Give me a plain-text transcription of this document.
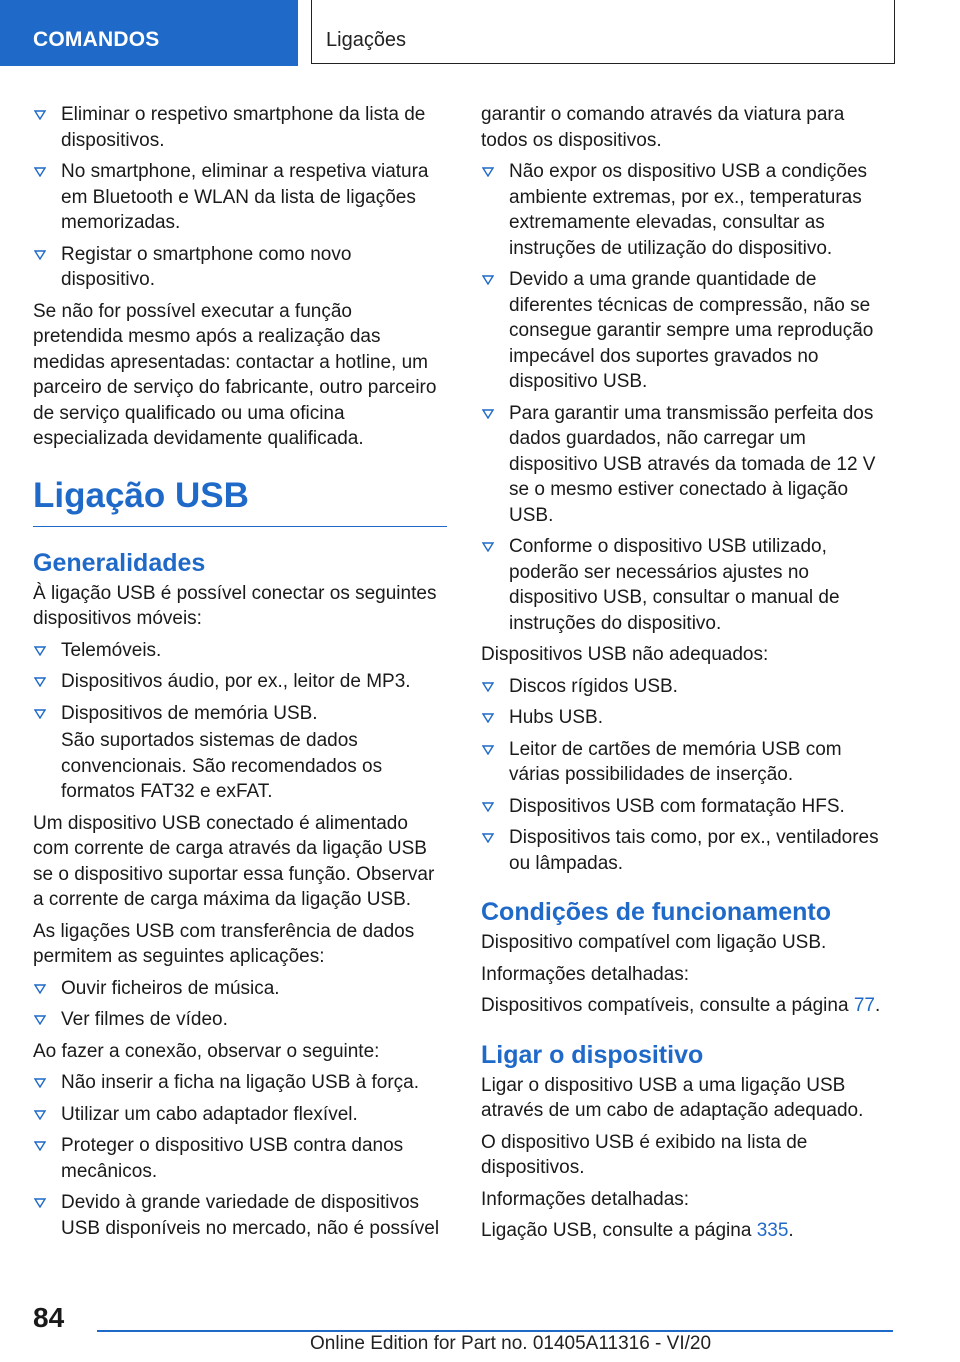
COMANDOS	Ligações
Eliminar o respetivo smartphone da lista de dispositivos.
No smartphone, eliminar a respetiva viatura em Bluetooth e WLAN da lista de ligações memorizadas.
Registar o smartphone como novo dispositivo.

Se não for possível executar a função pretendida mesmo após a realização das medidas apresentadas: contactar a hotline, um parceiro de serviço do fabricante, outro parceiro de serviço qualificado ou uma oficina especializada devidamente qualificada.

Ligação USB
Generalidades

À ligação USB é possível conectar os seguintes dispositivos móveis:

Telemóveis.
Dispositivos áudio, por ex., leitor de MP3.
Dispositivos de memória USB.
São suportados sistemas de dados convencionais. São recomendados os formatos FAT32 e exFAT.

Um dispositivo USB conectado é alimentado com corrente de carga através da ligação USB se o dispositivo suportar essa função. Observar a corrente de carga máxima da ligação USB.

As ligações USB com transferência de dados permitem as seguintes aplicações:

Ouvir ficheiros de música.
Ver filmes de vídeo.

Ao fazer a conexão, observar o seguinte:

Não inserir a ficha na ligação USB à força.
Utilizar um cabo adaptador flexível.
Proteger o dispositivo USB contra danos mecânicos.
Devido à grande variedade de dispositivos USB disponíveis no mercado, não é possível

garantir o comando através da viatura para todos os dispositivos.

Não expor os dispositivo USB a condições ambiente extremas, por ex., temperaturas extremamente elevadas, consultar as instruções de utilização do dispositivo.
Devido a uma grande quantidade de diferentes técnicas de compressão, não se consegue garantir sempre uma reprodução impecável dos suportes gravados no dispositivo USB.
Para garantir uma transmissão perfeita dos dados guardados, não carregar um dispositivo USB através da tomada de 12 V se o mesmo estiver conectado à ligação USB.
Conforme o dispositivo USB utilizado, poderão ser necessários ajustes no dispositivo USB, consultar o manual de instruções do dispositivo.

Dispositivos USB não adequados:

Discos rígidos USB.
Hubs USB.
Leitor de cartões de memória USB com várias possibilidades de inserção.
Dispositivos USB com formatação HFS.
Dispositivos tais como, por ex., ventiladores ou lâmpadas.
Condições de funcionamento

Dispositivo compatível com ligação USB.

Informações detalhadas:

Dispositivos compatíveis, consulte a página 77.

Ligar o dispositivo

Ligar o dispositivo USB a uma ligação USB através de um cabo de adaptação adequado.

O dispositivo USB é exibido na lista de dispositivos.

Informações detalhadas:

Ligação USB, consulte a página 335.

84
Online Edition for Part no. 01405A11316 - VI/20
